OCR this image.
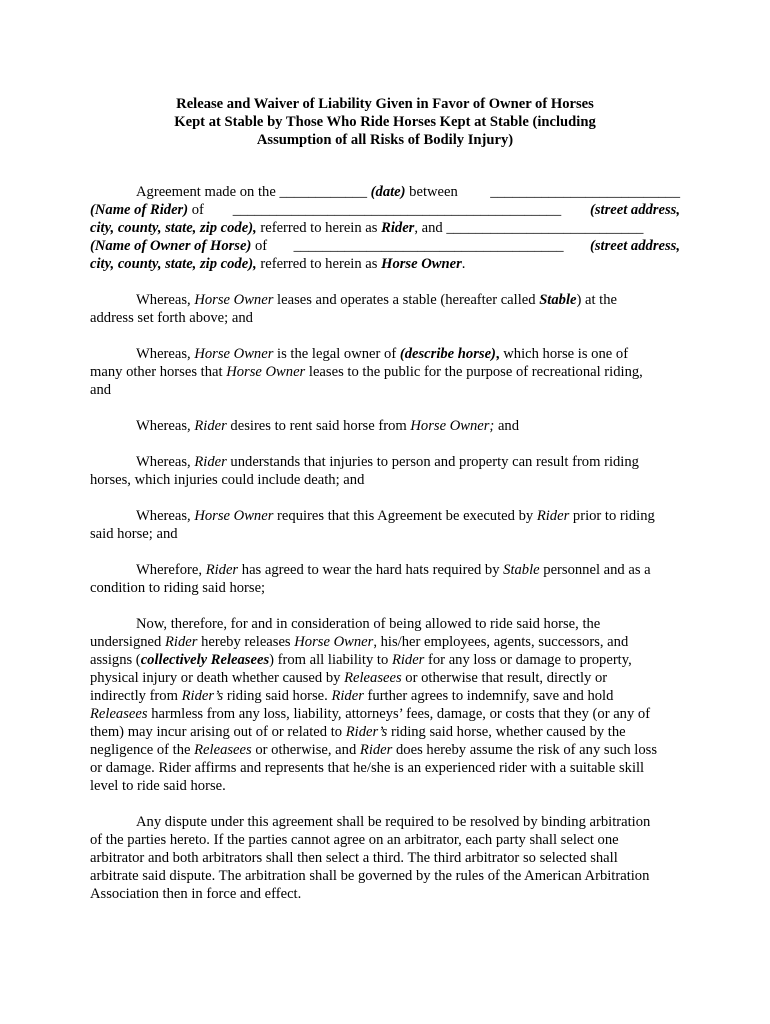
Release and Waiver of Liability Given in Favor of Owner of Horses
Kept at Stable by Those Who Ride Horses Kept at Stable (including
Assumption of all Risks of Bodily Injury)

Agreement made on the ____________ (date) between __________________________
(Name of Rider) of _____________________________________________ (street address,
city, county, state, zip code), referred to herein as Rider, and ___________________________
(Name of Owner of Horse) of _____________________________________ (street address,
city, county, state, zip code), referred to herein as Horse Owner.

Whereas, Horse Owner leases and operates a stable (hereafter called Stable) at the
address set forth above; and

Whereas, Horse Owner is the legal owner of (describe horse), which horse is one of
many other horses that Horse Owner leases to the public for the purpose of recreational riding,
and

Whereas, Rider desires to rent said horse from Horse Owner; and

Whereas, Rider understands that injuries to person and property can result from riding
horses, which injuries could include death; and

Whereas, Horse Owner requires that this Agreement be executed by Rider prior to riding
said horse; and

Wherefore, Rider has agreed to wear the hard hats required by Stable personnel and as a
condition to riding said horse;

Now, therefore, for and in consideration of being allowed to ride said horse, the
undersigned Rider hereby releases Horse Owner, his/her employees, agents, successors, and
assigns (collectively Releasees) from all liability to Rider for any loss or damage to property,
physical injury or death whether caused by Releasees or otherwise that result, directly or
indirectly from Rider’s riding said horse. Rider further agrees to indemnify, save and hold
Releasees harmless from any loss, liability, attorneys’ fees, damage, or costs that they (or any of
them) may incur arising out of or related to Rider’s riding said horse, whether caused by the
negligence of the Releasees or otherwise, and Rider does hereby assume the risk of any such loss
or damage. Rider affirms and represents that he/she is an experienced rider with a suitable skill
level to ride said horse.

Any dispute under this agreement shall be required to be resolved by binding arbitration
of the parties hereto. If the parties cannot agree on an arbitrator, each party shall select one
arbitrator and both arbitrators shall then select a third. The third arbitrator so selected shall
arbitrate said dispute. The arbitration shall be governed by the rules of the American Arbitration
Association then in force and effect.
